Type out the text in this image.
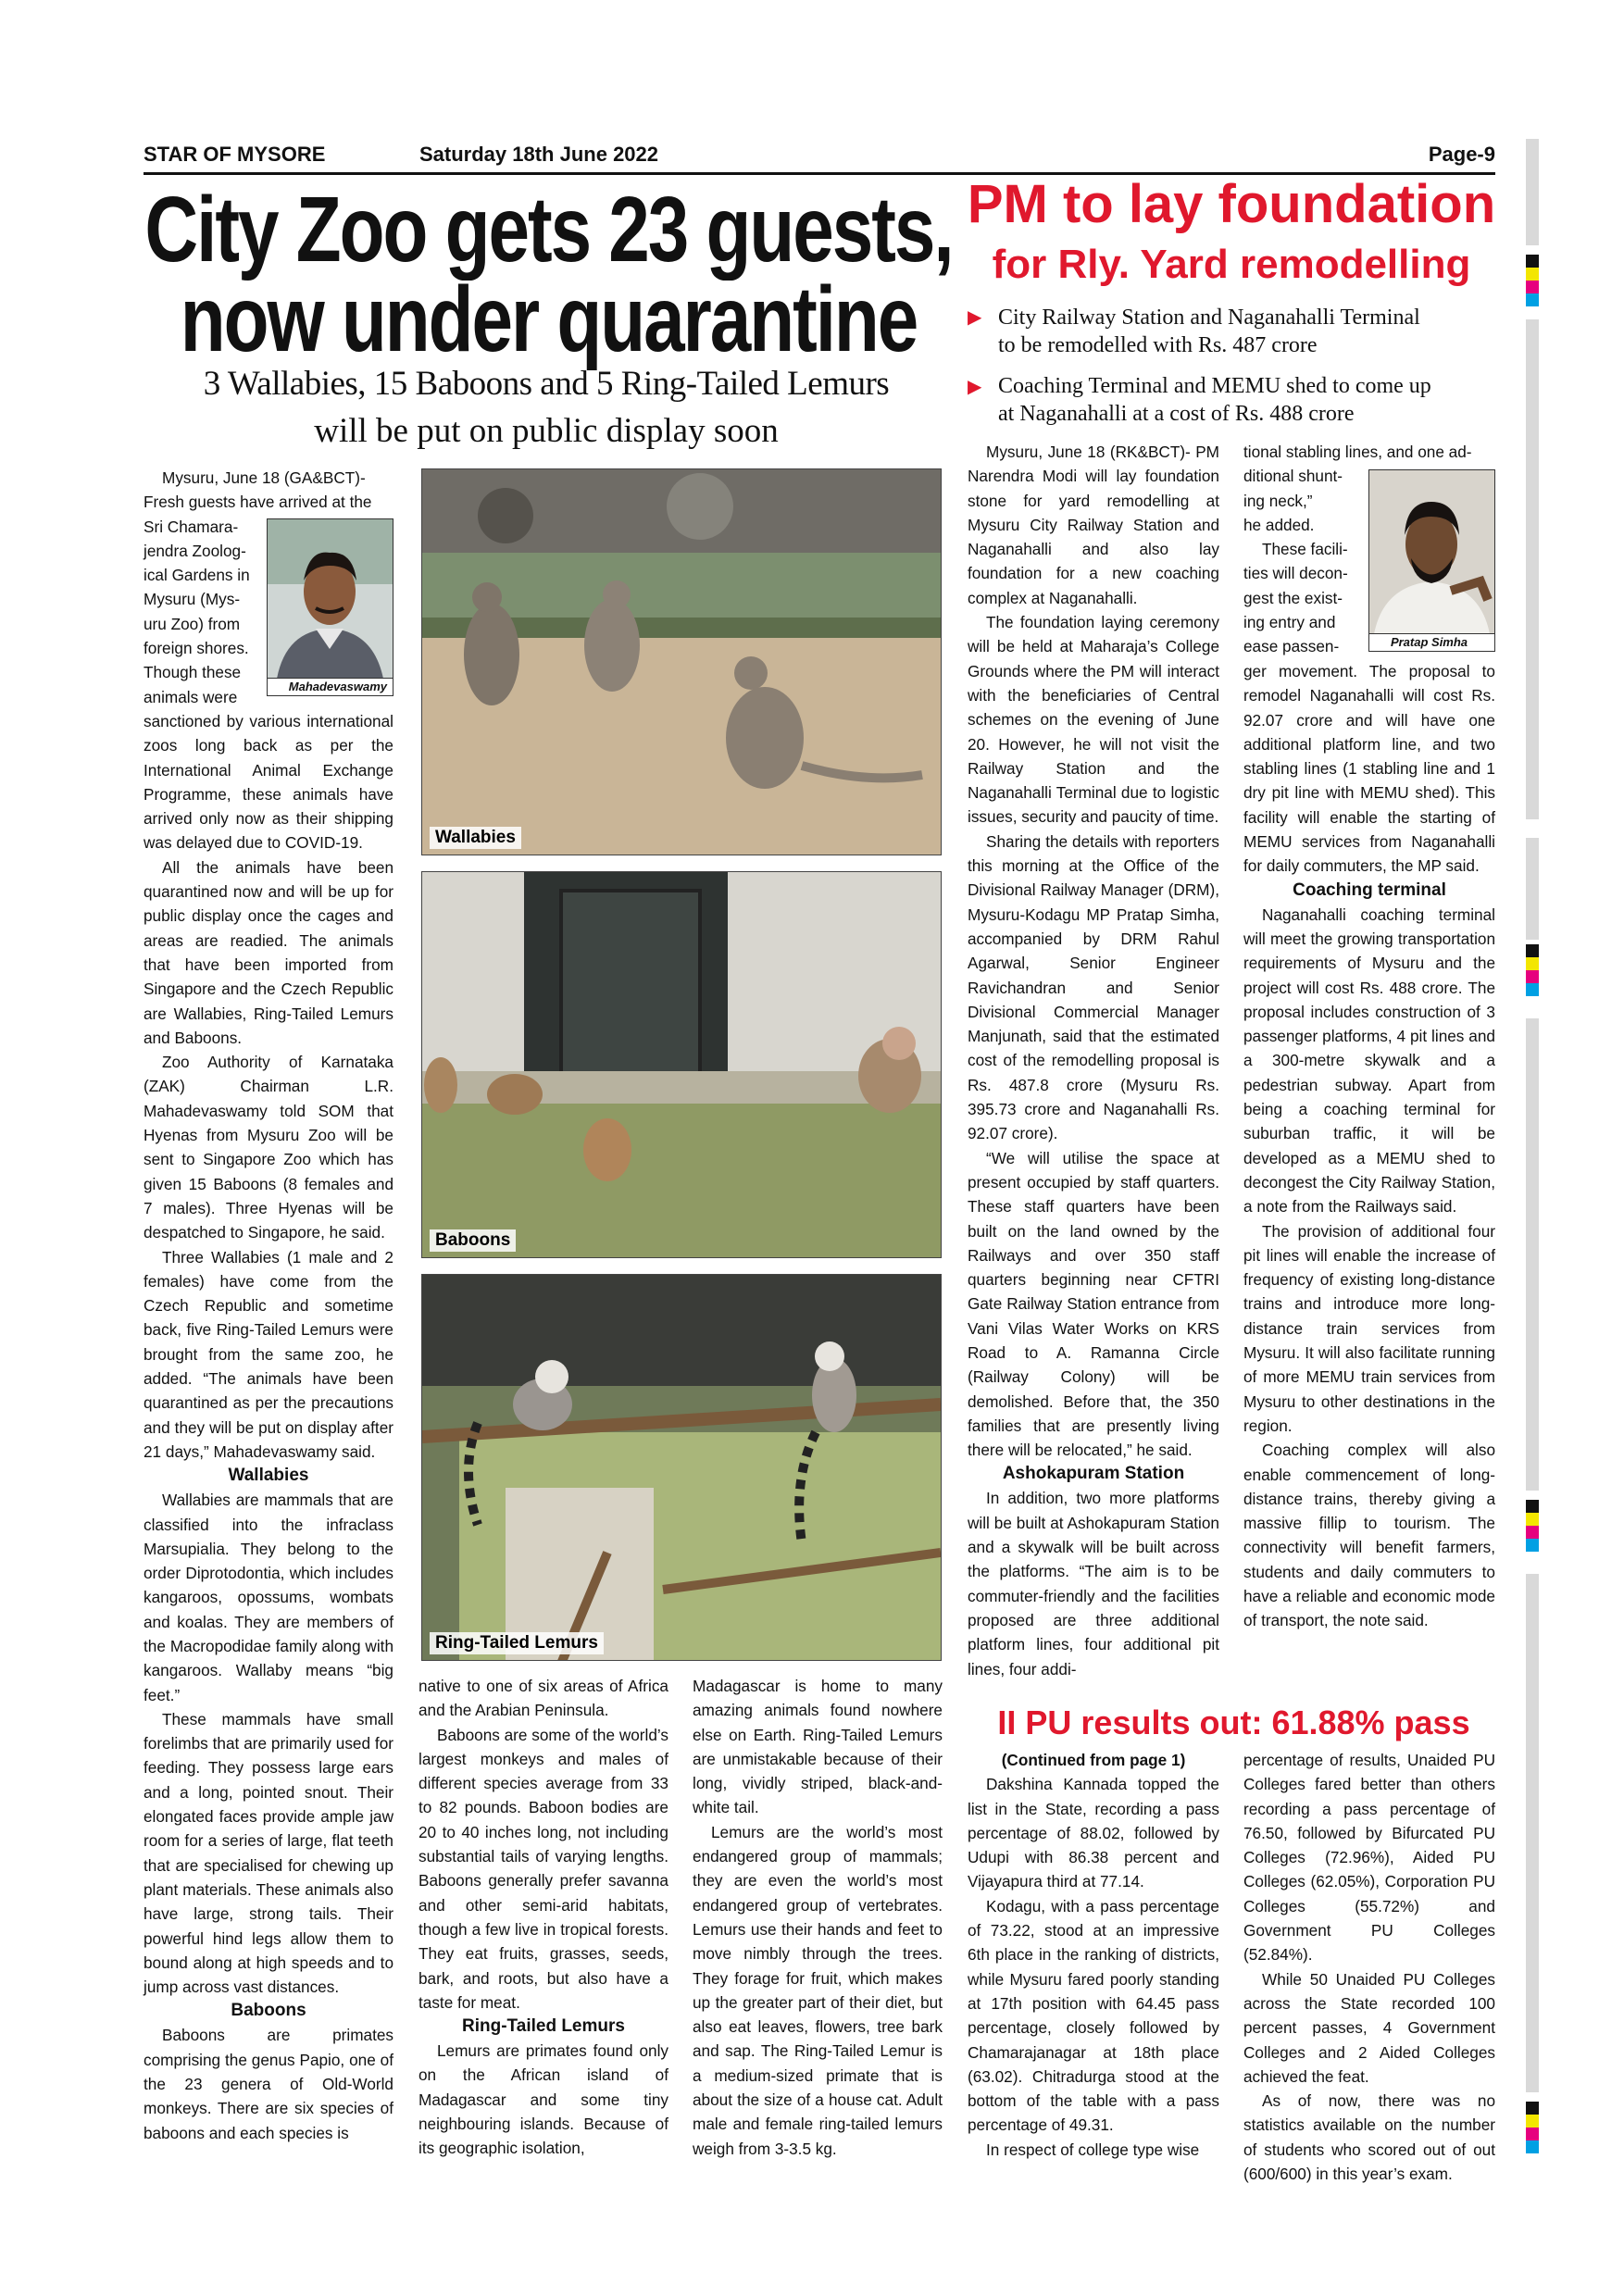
STAR OF MYSORE	Saturday 18th June 2022	Page-9
City Zoo gets 23 guests,
now under quarantine
3 Wallabies, 15 Baboons and 5 Ring-Tailed Lemurs
will be put on public display soon
Mysuru, June 18 (GA&BCT)-
Fresh guests have arrived at the
Sri Chamara-
jendra Zoolog-
ical Gardens in
Mysuru (Mys-
uru Zoo) from
foreign shores.
Though these
animals were
Mahadevaswamy

sanctioned by various international zoos long back as per the International Animal Exchange Programme, these animals have arrived only now as their shipping was delayed due to COVID-19.

All the animals have been quarantined now and will be up for public display once the cages and areas are readied. The animals that have been imported from Singapore and the Czech Republic are Wallabies, Ring-Tailed Lemurs and Baboons.

Zoo Authority of Karnataka (ZAK) Chairman L.R. Mahadevaswamy told SOM that Hyenas from Mysuru Zoo will be sent to Singapore Zoo which has given 15 Baboons (8 females and 7 males). Three Hyenas will be despatched to Singapore, he said.

Three Wallabies (1 male and 2 females) have come from the Czech Republic and sometime back, five Ring-Tailed Lemurs were brought from the same zoo, he added. “The animals have been quarantined as per the precautions and they will be put on display after 21 days,” Mahadevaswamy said.

Wallabies

Wallabies are mammals that are classified into the infraclass Marsupialia. They belong to the order Diprotodontia, which includes kangaroos, opossums, wombats and koalas. They are members of the Macropodidae family along with kangaroos. Wallaby means “big feet.”

These mammals have small forelimbs that are primarily used for feeding. They possess large ears and a long, pointed snout. Their elongated faces provide ample jaw room for a series of large, flat teeth that are specialised for chewing up plant materials. These animals also have large, strong tails. Their powerful hind legs allow them to bound along at high speeds and to jump across vast distances.

Baboons

Baboons are primates comprising the genus Papio, one of the 23 genera of Old-World monkeys. There are six species of baboons and each species is

Wallabies
Baboons
Ring-Tailed Lemurs

native to one of six areas of Africa and the Arabian Peninsula.

Baboons are some of the world’s largest monkeys and males of different species average from 33 to 82 pounds. Baboon bodies are 20 to 40 inches long, not including substantial tails of varying lengths. Baboons generally prefer savanna and other semi-arid habitats, though a few live in tropical forests. They eat fruits, grasses, seeds, bark, and roots, but also have a taste for meat.

Ring-Tailed Lemurs

Lemurs are primates found only on the African island of Madagascar and some tiny neighbouring islands. Because of its geographic isolation,

Madagascar is home to many amazing animals found nowhere else on Earth. Ring-Tailed Lemurs are unmistakable because of their long, vividly striped, black-and-white tail.

Lemurs are the world’s most endangered group of mammals; they are even the world’s most endangered group of vertebrates. Lemurs use their hands and feet to move nimbly through the trees. They forage for fruit, which makes up the greater part of their diet, but also eat leaves, flowers, tree bark and sap. The Ring-Tailed Lemur is a medium-sized primate that is about the size of a house cat. Adult male and female ring-tailed lemurs weigh from 3-3.5 kg.

PM to lay foundation
for Rly. Yard remodelling
▶ City Railway Station and Naganahalli Terminal
to be remodelled with Rs. 487 crore
▶ Coaching Terminal and MEMU shed to come up
at Naganahalli at a cost of Rs. 488 crore

Mysuru, June 18 (RK&BCT)- PM Narendra Modi will lay foundation stone for yard remodelling at Mysuru City Railway Station and Naganahalli and also lay foundation for a new coaching complex at Naganahalli.

The foundation laying ceremony will be held at Maharaja’s College Grounds where the PM will interact with the beneficiaries of Central schemes on the evening of June 20. However, he will not visit the Railway Station and the Naganahalli Terminal due to logistic issues, security and paucity of time.

Sharing the details with reporters this morning at the Office of the Divisional Railway Manager (DRM), Mysuru-Kodagu MP Pratap Simha, accompanied by DRM Rahul Agarwal, Senior Engineer Ravichandran and Senior Divisional Commercial Manager Manjunath, said that the estimated cost of the remodelling proposal is Rs. 487.8 crore (Mysuru Rs. 395.73 crore and Naganahalli Rs. 92.07 crore).

“We will utilise the space at present occupied by staff quarters. These staff quarters have been built on the land owned by the Railways and over 350 staff quarters beginning near CFTRI Gate Railway Station entrance from Vani Vilas Water Works on KRS Road to A. Ramanna Circle (Railway Colony) will be demolished. Before that, the 350 families that are presently living there will be relocated,” he said.

Ashokapuram Station

In addition, two more platforms will be built at Ashokapuram Station and a skywalk will be built across the platforms. “The aim is to be commuter-friendly and the facilities proposed are three additional platform lines, four additional pit lines, four addi-

tional stabling lines, and one ad-
ditional shunt-
ing neck,”
he added.
These facili-
ties will decon-
gest the exist-
ing entry and
ease passen-	Pratap Simha

ger movement. The proposal to remodel Naganahalli will cost Rs. 92.07 crore and will have one additional platform line, and two stabling lines (1 stabling line and 1 dry pit line with MEMU shed). This facility will enable the starting of MEMU services from Naganahalli for daily commuters, the MP said.

Coaching terminal

Naganahalli coaching terminal will meet the growing transportation requirements of Mysuru and the project will cost Rs. 488 crore. The proposal includes construction of 3 passenger platforms, 4 pit lines and a 300-metre skywalk and a pedestrian subway. Apart from being a coaching terminal for suburban traffic, it will be developed as a MEMU shed to decongest the City Railway Station, a note from the Railways said.

The provision of additional four pit lines will enable the increase of frequency of existing long-distance trains and introduce more long-distance train services from Mysuru. It will also facilitate running of more MEMU train services from Mysuru to other destinations in the region.

Coaching complex will also enable commencement of long-distance trains, thereby giving a massive fillip to tourism. The connectivity will benefit farmers, students and daily commuters to have a reliable and economic mode of transport, the note said.

II PU results out: 61.88% pass
(Continued from page 1)

Dakshina Kannada topped the list in the State, recording a pass percentage of 88.02, followed by Udupi with 86.38 percent and Vijayapura third at 77.14.

Kodagu, with a pass percentage of 73.22, stood at an impressive 6th place in the ranking of districts, while Mysuru fared poorly standing at 17th position with 64.45 pass percentage, closely followed by Chamarajanagar at 18th place (63.02). Chitradurga stood at the bottom of the table with a pass percentage of 49.31.

In respect of college type wise

percentage of results, Unaided PU Colleges fared better than others recording a pass percentage of 76.50, followed by Bifurcated PU Colleges (72.96%), Aided PU Colleges (62.05%), Corporation PU Colleges (55.72%) and Government PU Colleges (52.84%).

While 50 Unaided PU Colleges across the State recorded 100 percent passes, 4 Government Colleges and 2 Aided Colleges achieved the feat.

As of now, there was no statistics available on the number of students who scored out of out (600/600) in this year’s exam.
